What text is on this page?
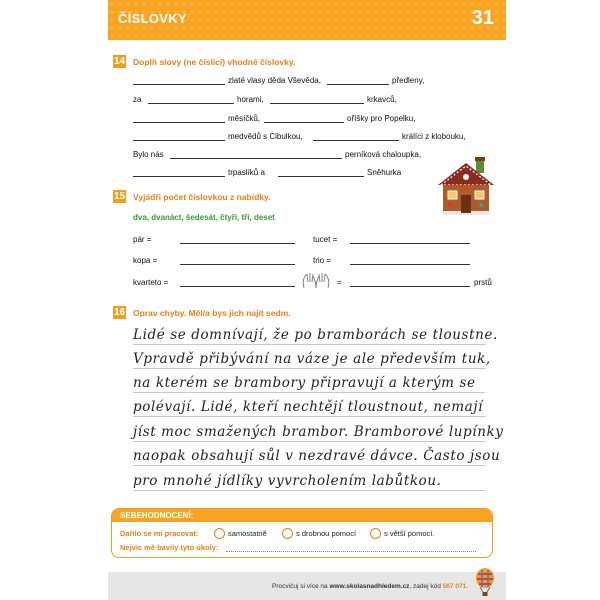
ČÍSLOVKY	31
14 Doplň slovy (ne číslicí) vhodné číslovky.
zlaté vlasy děda Vševěda,	předleny,
za	horami,	krkavců,
měsíčků,	oříšky pro Popelku,
medvědů s Cibulkou,	králíci z klobouku,
Bylo nás	perníková chaloupka,
trpaslíků a	Sněhurka
15 Vyjádři počet číslovkou z nabídky.
dva, dvanáct, šedesát, čtyři, tři, deset
pár =	tucet =
kopa =	trio =
kvarteto =	=	prstů
16 Oprav chyby. Měl/a bys jich najít sedm.
Lidé se domnívají, že po bramborách se tloustne.
Vpravdě přibývání na váze je ale především tuk,
na kterém se brambory připravují a kterým se
polévají. Lidé, kteří nechtějí tloustnout, nemají
jíst moc smažených brambor. Bramborové lupínky
naopak obsahují sůl v nezdravé dávce. Často jsou
pro mnohé jídlíky vyvrcholením labůtkou.
SEBEHODNOCENÍ:
Dařilo se mi pracovat:	samostatně	s drobnou pomocí	s větší pomocí.
Nejvíc mě bavily tyto úkoly:
Procvičuj si více na www.skolasnadhledem.cz, zadej kód 567 071.
